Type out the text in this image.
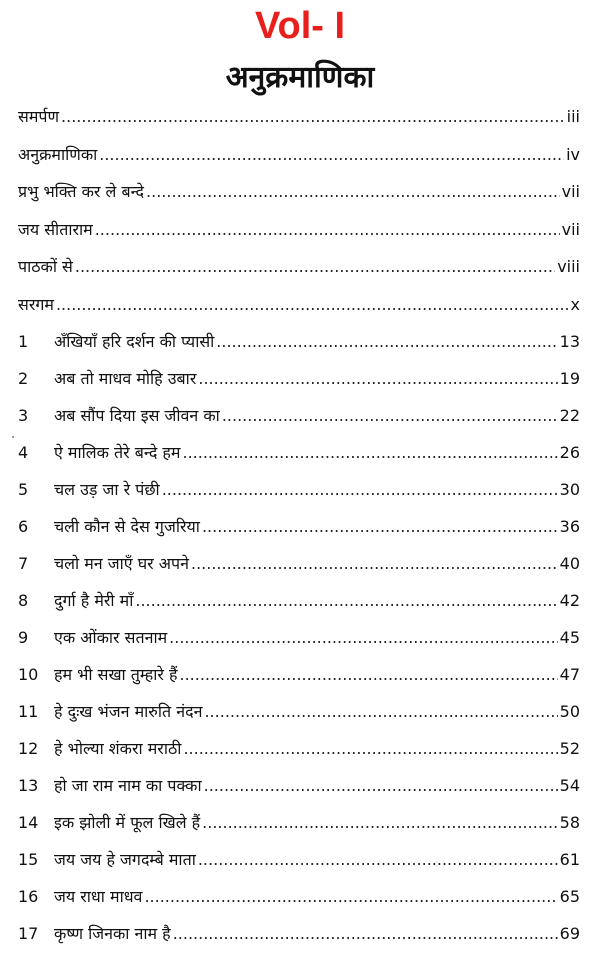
Vol- I
अनुक्रमाणिका
समर्पण .....	iii
अनुक्रमाणिका .....	iv
प्रभु भक्ति कर ले बन्दे .....	vii
जय सीताराम .....	vii
पाठकों से .....	viii
सरगम .....	x
1	अँखियाँ हरि दर्शन की प्यासी .....	13
2	अब तो माधव मोहि उबार .....	19
3	अब सौंप दिया इस जीवन का .....	22
4	ऐ मालिक तेरे बन्दे हम .....	26
5	चल उड़ जा रे पंछी .....	30
6	चली कौन से देस गुजरिया .....	36
7	चलो मन जाएँ घर अपने .....	40
8	दुर्गा है मेरी माँ .....	42
9	एक ओंकार सतनाम .....	45
10 हम भी सखा तुम्हारे हैं .....	47
11 हे दुःख भंजन मारुति नंदन .....	50
12 हे भोल्या शंकरा मराठी .....	52
13 हो जा राम नाम का पक्का .....	54
14 इक झोली में फूल खिले हैं .....	58
15 जय जय हे जगदम्बे माता .....	61
16 जय राधा माधव .....	65
17 कृष्ण जिनका नाम है .....	69
